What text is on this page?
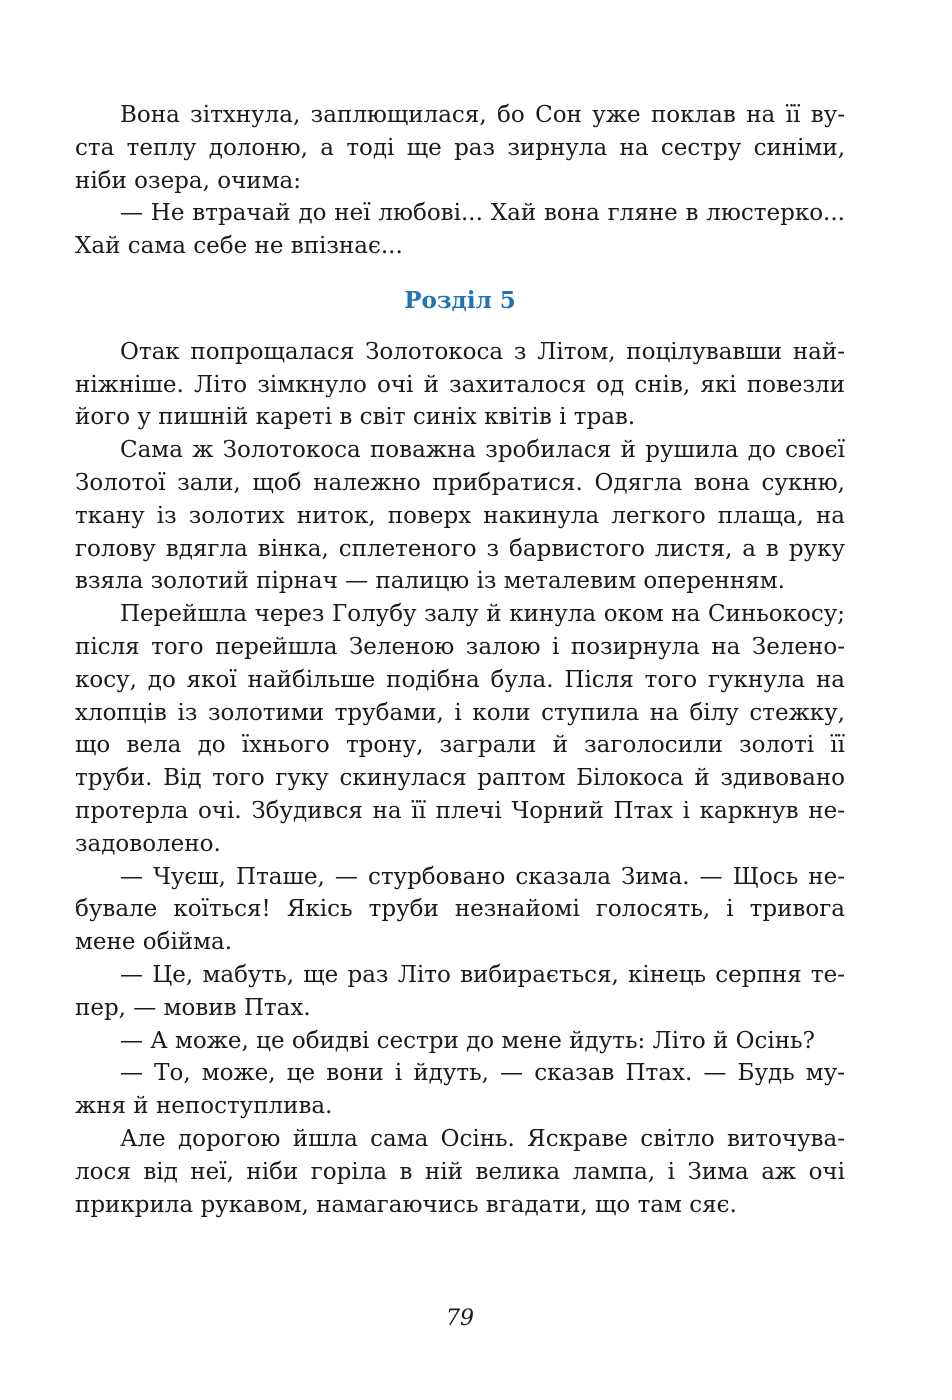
Вона зітхнула, заплющилася, бо Сон уже поклав на її ву-
ста теплу долоню, а тоді ще раз зирнула на сестру синіми,
ніби озера, очима:
— Не втрачай до неї любові... Хай вона гляне в люстерко...
Хай сама себе не впізнає...
Розділ 5
Отак попрощалася Золотокоса з Літом, поцілувавши най-
ніжніше. Літо зімкнуло очі й захиталося од снів, які повезли
його у пишній кареті в світ синіх квітів і трав.
Сама ж Золотокоса поважна зробилася й рушила до своєї
Золотої зали, щоб належно прибратися. Одягла вона сукню,
ткану із золотих ниток, поверх накинула легкого плаща, на
голову вдягла вінка, сплетеного з барвистого листя, а в руку
взяла золотий пірнач — палицю із металевим оперенням.
Перейшла через Голубу залу й кинула оком на Синьокосу;
після того перейшла Зеленою залою і позирнула на Зелено-
косу, до якої найбільше подібна була. Після того гукнула на
хлопців із золотими трубами, і коли ступила на білу стежку,
що вела до їхнього трону, заграли й заголосили золоті її
труби. Від того гуку скинулася раптом Білокоса й здивовано
протерла очі. Збудився на її плечі Чорний Птах і каркнув не-
задоволено.
— Чуєш, Пташе, — стурбовано сказала Зима. — Щось не-
бувале коїться! Якісь труби незнайомі голосять, і тривога
мене обійма.
— Це, мабуть, ще раз Літо вибирається, кінець серпня те-
пер, — мовив Птах.
— А може, це обидві сестри до мене йдуть: Літо й Осінь?
— То, може, це вони і йдуть, — сказав Птах. — Будь му-
жня й непоступлива.
Але дорогою йшла сама Осінь. Яскраве світло виточува-
лося від неї, ніби горіла в ній велика лампа, і Зима аж очі
прикрила рукавом, намагаючись вгадати, що там сяє.
79
